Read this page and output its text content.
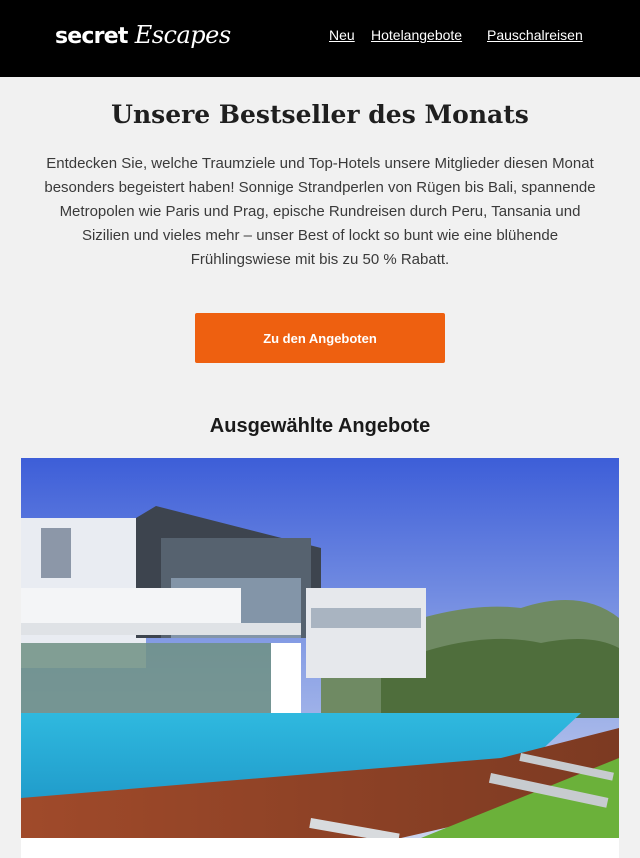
secret Escapes	Neu Hotelangebote Pauschalreisen
Unsere Bestseller des Monats

Entdecken Sie, welche Traumziele und Top-Hotels unsere Mitglieder diesen Monat besonders begeistert haben! Sonnige Strandperlen von Rügen bis Bali, spannende Metropolen wie Paris und Prag, epische Rundreisen durch Peru, Tansania und Sizilien und vieles mehr – unser Best of lockt so bunt wie eine blühende Frühlingswiese mit bis zu 50 % Rabatt.

Zu den Angeboten
Ausgewählte Angebote
